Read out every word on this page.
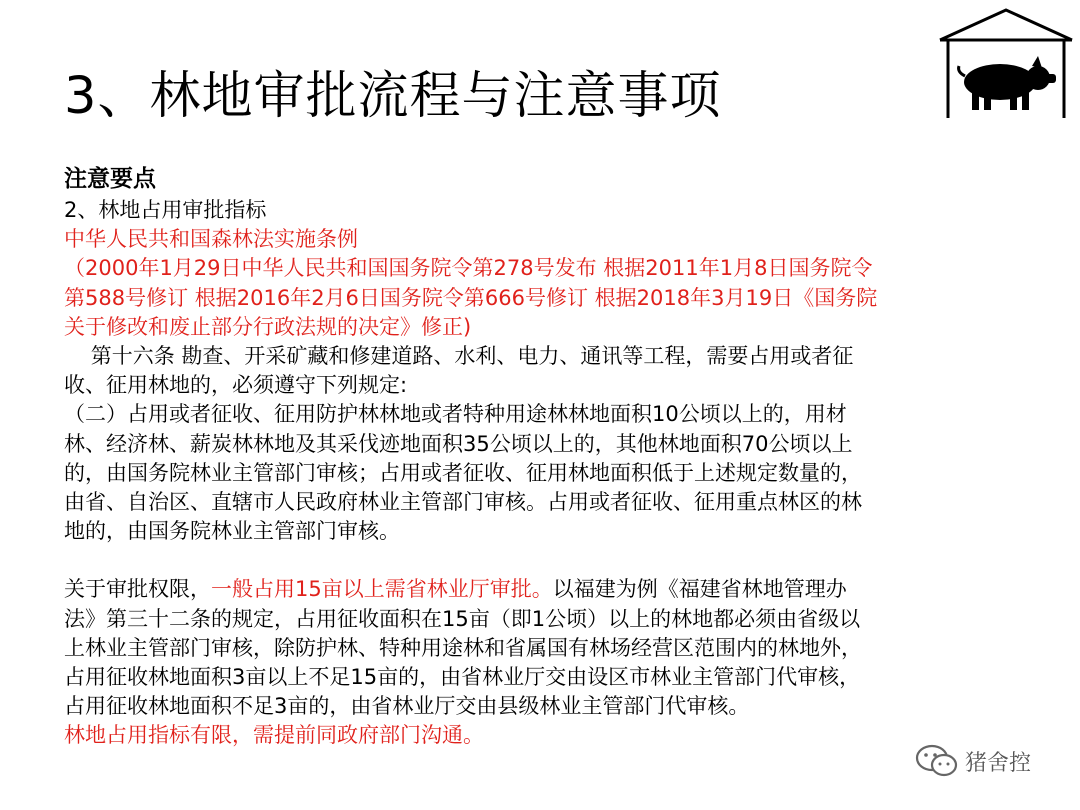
3、林地审批流程与注意事项

注意要点

2、林地占用审批指标

中华人民共和国森林法实施条例

（2000年1月29日中华人民共和国国务院令第278号发布 根据2011年1月8日国务院令

第588号修订 根据2016年2月6日国务院令第666号修订 根据2018年3月19日《国务院

关于修改和废止部分行政法规的决定》修正)

第十六条 勘查、开采矿藏和修建道路、水利、电力、通讯等工程，需要占用或者征

收、征用林地的，必须遵守下列规定:

（二）占用或者征收、征用防护林林地或者特种用途林林地面积10公顷以上的，用材

林、经济林、薪炭林林地及其采伐迹地面积35公顷以上的，其他林地面积70公顷以上

的，由国务院林业主管部门审核；占用或者征收、征用林地面积低于上述规定数量的，

由省、自治区、直辖市人民政府林业主管部门审核。占用或者征收、征用重点林区的林

地的，由国务院林业主管部门审核。

关于审批权限，一般占用15亩以上需省林业厅审批。以福建为例《福建省林地管理办

法》第三十二条的规定，占用征收面积在15亩（即1公顷）以上的林地都必须由省级以

上林业主管部门审核，除防护林、特种用途林和省属国有林场经营区范围内的林地外，

占用征收林地面积3亩以上不足15亩的，由省林业厅交由设区市林业主管部门代审核，

占用征收林地面积不足3亩的，由省林业厅交由县级林业主管部门代审核。

林地占用指标有限，需提前同政府部门沟通。

猪舍控
